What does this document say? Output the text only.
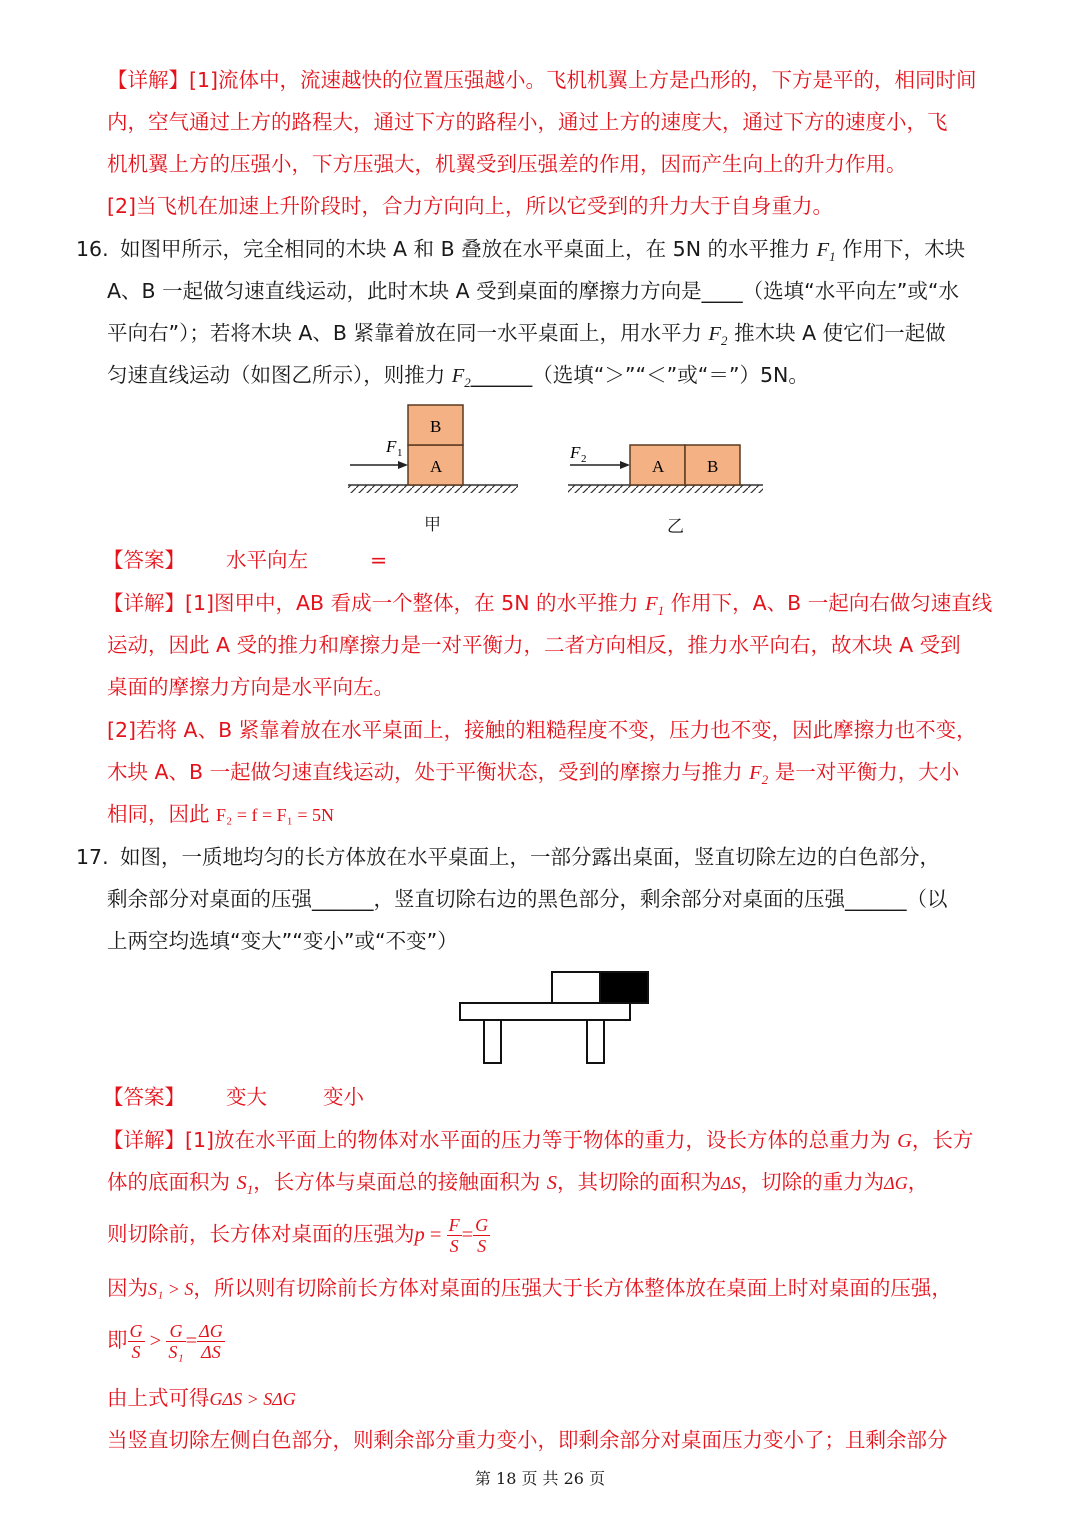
【详解】[1]流体中，流速越快的位置压强越小。飞机机翼上方是凸形的，下方是平的，相同时间
内，空气通过上方的路程大，通过下方的路程小，通过上方的速度大，通过下方的速度小，飞
机机翼上方的压强小，下方压强大，机翼受到压强差的作用，因而产生向上的升力作用。
[2]当飞机在加速上升阶段时，合力方向向上，所以它受到的升力大于自身重力。
16. 如图甲所示，完全相同的木块 A 和 B 叠放在水平桌面上，在 5N 的水平推力 $F_1$ 作用下，木块
A、B 一起做匀速直线运动，此时木块 A 受到桌面的摩擦力方向是____（选填“水平向左”或“水
平向右”）；若将木块 A、B 紧靠着放在同一水平桌面上，用水平力 $F_2$ 推木块 A 使它们一起做
匀速直线运动（如图乙所示），则推力 $F_2\_\_\_\_\_\_$（选填“＞”“＜”或“＝”）5N。
A
B
F 1
A	B
F 2
甲	乙
【答案】 水平向左	=
【详解】[1]图甲中，AB 看成一个整体，在 5N 的水平推力 $F_1$ 作用下，A、B 一起向右做匀速直线
运动，因此 A 受的推力和摩擦力是一对平衡力，二者方向相反，推力水平向右，故木块 A 受到
桌面的摩擦力方向是水平向左。
[2]若将 A、B 紧靠着放在水平桌面上，接触的粗糙程度不变，压力也不变，因此摩擦力也不变，
木块 A、B 一起做匀速直线运动，处于平衡状态，受到的摩擦力与推力 $F_2$ 是一对平衡力，大小
相同，因此 F₂ = f = F₁ = 5N
17. 如图，一质地均匀的长方体放在水平桌面上，一部分露出桌面，竖直切除左边的白色部分，
剩余部分对桌面的压强______，竖直切除右边的黑色部分，剩余部分对桌面的压强______（以
上两空均选填“变大”“变小”或“不变”）
【答案】 变大	变小
【详解】[1]放在水平面上的物体对水平面的压力等于物体的重力，设长方体的总重力为 G，长方
体的底面积为 $S_1$，长方体与桌面总的接触面积为 S，其切除的面积为ΔS，切除的重力为ΔG，
则切除前，长方体对桌面的压强为$p = \frac{F}{S} = \frac{G}{S}$
因为S₁ > S，所以则有切除前长方体对桌面的压强大于长方体整体放在桌面上时对桌面的压强，
即 $\frac{G}{S} > \frac{G}{\text{S₁}} = \frac{\Delta G}{\Delta S}$
由上式可得GΔS > SΔG
当竖直切除左侧白色部分，则剩余部分重力变小，即剩余部分对桌面压力变小了；且剩余部分
第 18 页 共 26 页
